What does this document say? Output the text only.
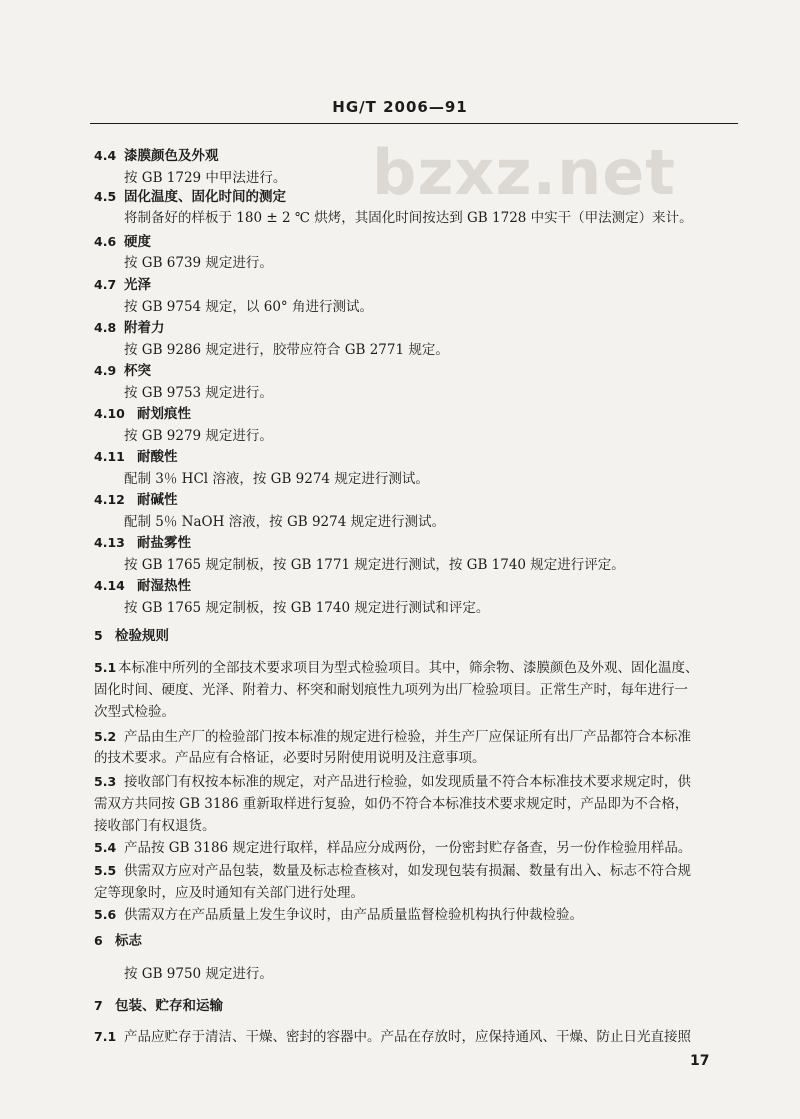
HG/T 2006—91
bzxz.net
4.4 漆膜颜色及外观
按 GB 1729 中甲法进行。
4.5 固化温度、固化时间的测定
将制备好的样板于 180 ± 2 ℃ 烘烤，其固化时间按达到 GB 1728 中实干（甲法测定）来计。
4.6 硬度
按 GB 6739 规定进行。
4.7 光泽
按 GB 9754 规定，以 60° 角进行测试。
4.8 附着力
按 GB 9286 规定进行，胶带应符合 GB 2771 规定。
4.9 杯突
按 GB 9753 规定进行。
4.10 耐划痕性
按 GB 9279 规定进行。
4.11 耐酸性
配制 3％ HCl 溶液，按 GB 9274 规定进行测试。
4.12 耐碱性
配制 5％ NaOH 溶液，按 GB 9274 规定进行测试。
4.13 耐盐雾性
按 GB 1765 规定制板，按 GB 1771 规定进行测试，按 GB 1740 规定进行评定。
4.14 耐湿热性
按 GB 1765 规定制板，按 GB 1740 规定进行测试和评定。
5 检验规则
5.1 本标准中所列的全部技术要求项目为型式检验项目。其中，筛余物、漆膜颜色及外观、固化温度、
固化时间、硬度、光泽、附着力、杯突和耐划痕性九项列为出厂检验项目。正常生产时，每年进行一
次型式检验。
5.2 产品由生产厂的检验部门按本标准的规定进行检验，并生产厂应保证所有出厂产品都符合本标准
的技术要求。产品应有合格证，必要时另附使用说明及注意事项。
5.3 接收部门有权按本标准的规定，对产品进行检验，如发现质量不符合本标准技术要求规定时，供
需双方共同按 GB 3186 重新取样进行复验，如仍不符合本标准技术要求规定时，产品即为不合格，
接收部门有权退货。
5.4 产品按 GB 3186 规定进行取样，样品应分成两份，一份密封贮存备查，另一份作检验用样品。
5.5 供需双方应对产品包装，数量及标志检查核对，如发现包装有损漏、数量有出入、标志不符合规
定等现象时，应及时通知有关部门进行处理。
5.6 供需双方在产品质量上发生争议时，由产品质量监督检验机构执行仲裁检验。
6 标志
按 GB 9750 规定进行。
7 包装、贮存和运输
7.1 产品应贮存于清洁、干燥、密封的容器中。产品在存放时，应保持通风、干燥、防止日光直接照
17
